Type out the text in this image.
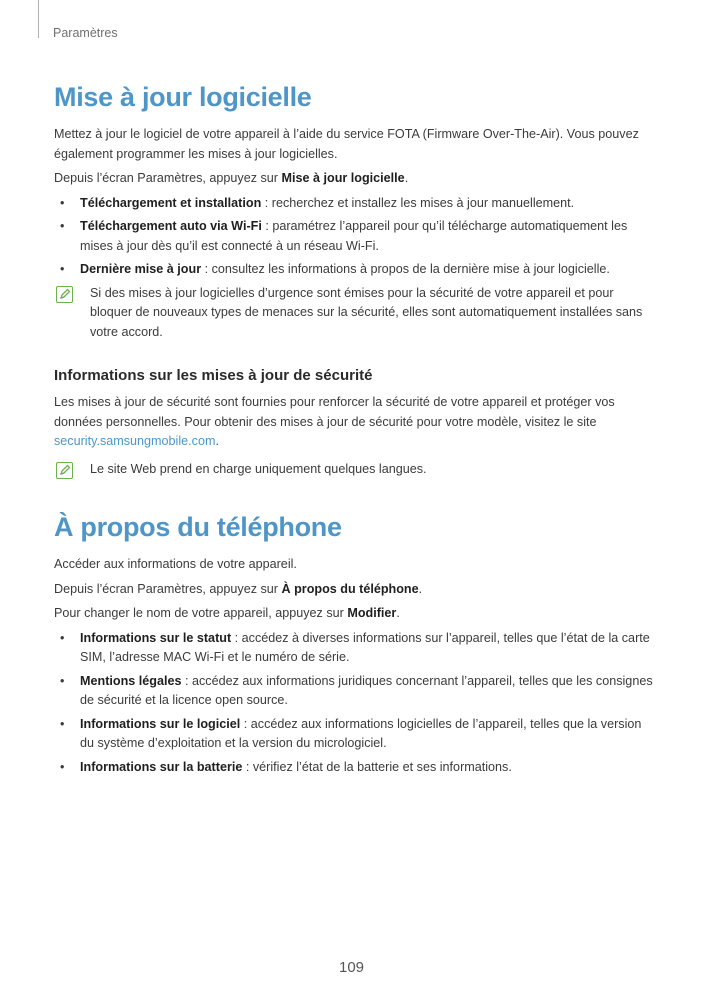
Paramètres
Mise à jour logicielle

Mettez à jour le logiciel de votre appareil à l’aide du service FOTA (Firmware Over-The-Air). Vous pouvez également programmer les mises à jour logicielles.

Depuis l’écran Paramètres, appuyez sur Mise à jour logicielle.

• Téléchargement et installation : recherchez et installez les mises à jour manuellement.
• Téléchargement auto via Wi-Fi : paramétrez l’appareil pour qu’il télécharge automatiquement les mises à jour dès qu’il est connecté à un réseau Wi-Fi.
• Dernière mise à jour : consultez les informations à propos de la dernière mise à jour logicielle.
Si des mises à jour logicielles d’urgence sont émises pour la sécurité de votre appareil et pour bloquer de nouveaux types de menaces sur la sécurité, elles sont automatiquement installées sans votre accord.
Informations sur les mises à jour de sécurité

Les mises à jour de sécurité sont fournies pour renforcer la sécurité de votre appareil et protéger vos données personnelles. Pour obtenir des mises à jour de sécurité pour votre modèle, visitez le site security.samsungmobile.com.

Le site Web prend en charge uniquement quelques langues.
À propos du téléphone

Accéder aux informations de votre appareil.

Depuis l’écran Paramètres, appuyez sur À propos du téléphone.

Pour changer le nom de votre appareil, appuyez sur Modifier.

• Informations sur le statut : accédez à diverses informations sur l’appareil, telles que l’état de la carte SIM, l’adresse MAC Wi-Fi et le numéro de série.
• Mentions légales : accédez aux informations juridiques concernant l’appareil, telles que les consignes de sécurité et la licence open source.
• Informations sur le logiciel : accédez aux informations logicielles de l’appareil, telles que la version du système d’exploitation et la version du micrologiciel.
• Informations sur la batterie : vérifiez l’état de la batterie et ses informations.
109
